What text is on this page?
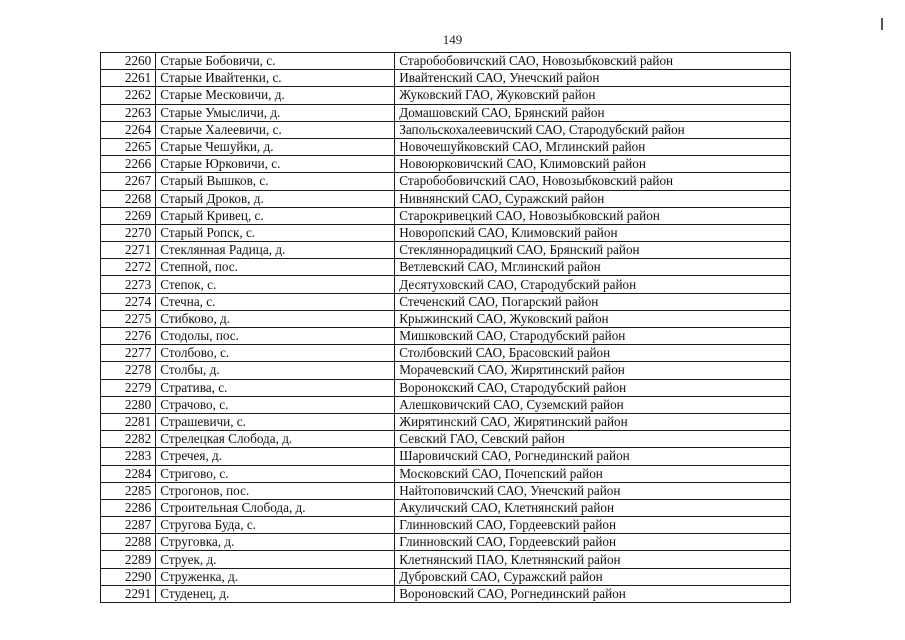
149
2260	Старые Бобовичи, с.	Старобобовичский САО, Новозыбковский район
2261	Старые Ивайтенки, с.	Ивайтенский САО, Унечский район
2262	Старые Месковичи, д.	Жуковский ГАО, Жуковский район
2263	Старые Умысличи, д.	Домашовский САО, Брянский район
2264	Старые Халеевичи, с.	Запольскохалеевичский САО, Стародубский район
2265	Старые Чешуйки, д.	Новочешуйковский САО, Мглинский район
2266	Старые Юрковичи, с.	Новоюрковичский САО, Климовский район
2267	Старый Вышков, с.	Старобобовичский САО, Новозыбковский район
2268	Старый Дроков, д.	Нивнянский САО, Суражский район
2269	Старый Кривец, с.	Старокривецкий САО, Новозыбковский район
2270	Старый Ропск, с.	Новоропский САО, Климовский район
2271	Стеклянная Радица, д.	Стекляннорадицкий САО, Брянский район
2272	Степной, пос.	Ветлевский САО, Мглинский район
2273	Степок, с.	Десятуховский САО, Стародубский район
2274	Стечна, с.	Стеченский САО, Погарский район
2275	Стибково, д.	Крыжинский САО, Жуковский район
2276	Стодолы, пос.	Мишковский САО, Стародубский район
2277	Столбово, с.	Столбовский САО, Брасовский район
2278	Столбы, д.	Морачевский САО, Жирятинский район
2279	Стратива, с.	Воронокский САО, Стародубский район
2280	Страчово, с.	Алешковичский САО, Суземский район
2281	Страшевичи, с.	Жирятинский САО, Жирятинский район
2282	Стрелецкая Слобода, д.	Севский ГАО, Севский район
2283	Стречея, д.	Шаровичский САО, Рогнединский район
2284	Стригово, с.	Московский САО, Почепский район
2285	Строгонов, пос.	Найтоповичский САО, Унечский район
2286	Строительная Слобода, д.	Акуличский САО, Клетнянский район
2287	Стругова Буда, с.	Глинновский САО, Гордеевский район
2288	Струговка, д.	Глинновский САО, Гордеевский район
2289	Струек, д.	Клетнянский ПАО, Клетнянский район
2290	Струженка, д.	Дубровский САО, Суражский район
2291	Студенец, д.	Вороновский САО, Рогнединский район
